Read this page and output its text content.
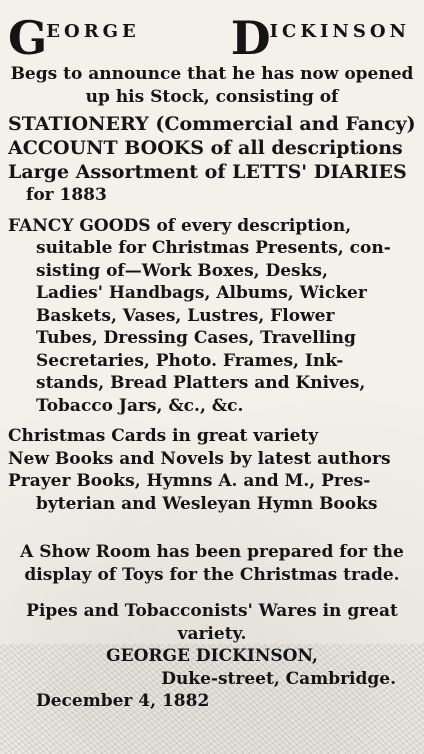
G EORGE D ICKINSON
Begs to announce that he has now opened
up his Stock, consisting of
STATIONERY (Commercial and Fancy)
ACCOUNT BOOKS of all descriptions
Large Assortment of LETTS' DIARIES
for 1883
FANCY GOODS of every description,
suitable for Christmas Presents, con-
sisting of—Work Boxes, Desks,
Ladies' Handbags, Albums, Wicker
Baskets, Vases, Lustres, Flower
Tubes, Dressing Cases, Travelling
Secretaries, Photo. Frames, Ink-
stands, Bread Platters and Knives,
Tobacco Jars, &c., &c.
Christmas Cards in great variety
New Books and Novels by latest authors
Prayer Books, Hymns A. and M., Pres-
byterian and Wesleyan Hymn Books
A Show Room has been prepared for the
display of Toys for the Christmas trade.
Pipes and Tobacconists' Wares in great
variety.
GEORGE DICKINSON,
Duke-street, Cambridge.
December 4, 1882
